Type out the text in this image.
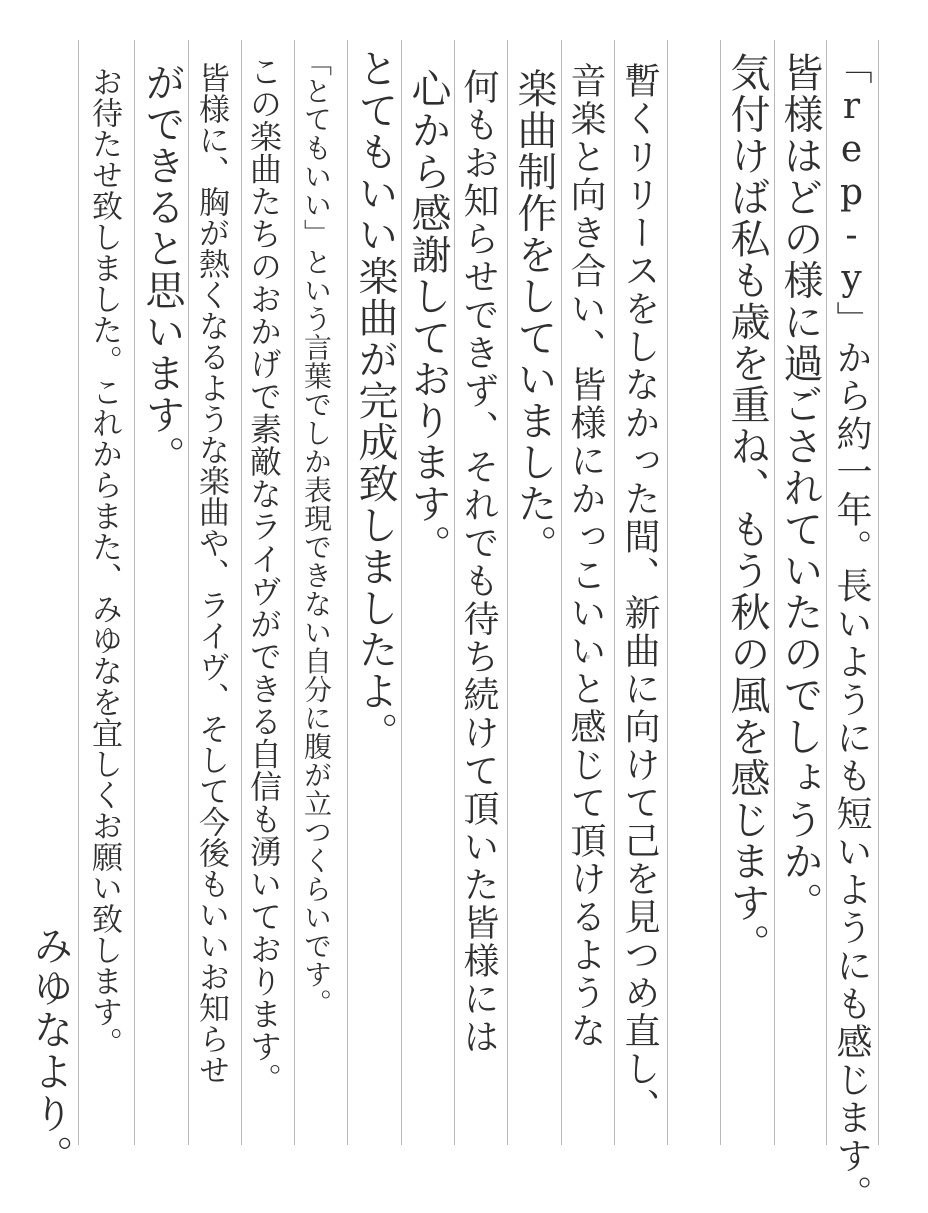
「rep-y」から約一年。長いようにも短いようにも感じます。
皆様はどの様に過ごされていたのでしょうか。
気付けば私も歳を重ね、もう秋の風を感じます。
暫くリリースをしなかった間、新曲に向けて己を見つめ直し、
音楽と向き合い、皆様にかっこいいと感じて頂けるような
楽曲制作をしていました。
何もお知らせできず、それでも待ち続けて頂いた皆様には
心から感謝しております。
とてもいい楽曲が完成致しましたよ。
「とてもいい」という言葉でしか表現できない自分に腹が立つくらいです。
この楽曲たちのおかげで素敵なライヴができる自信も湧いております。
皆様に、胸が熱くなるような楽曲や、ライヴ、そして今後もいいお知らせ
ができると思います。
お待たせ致しました。これからまた、みゆなを宜しくお願い致します。
みゆなより。
